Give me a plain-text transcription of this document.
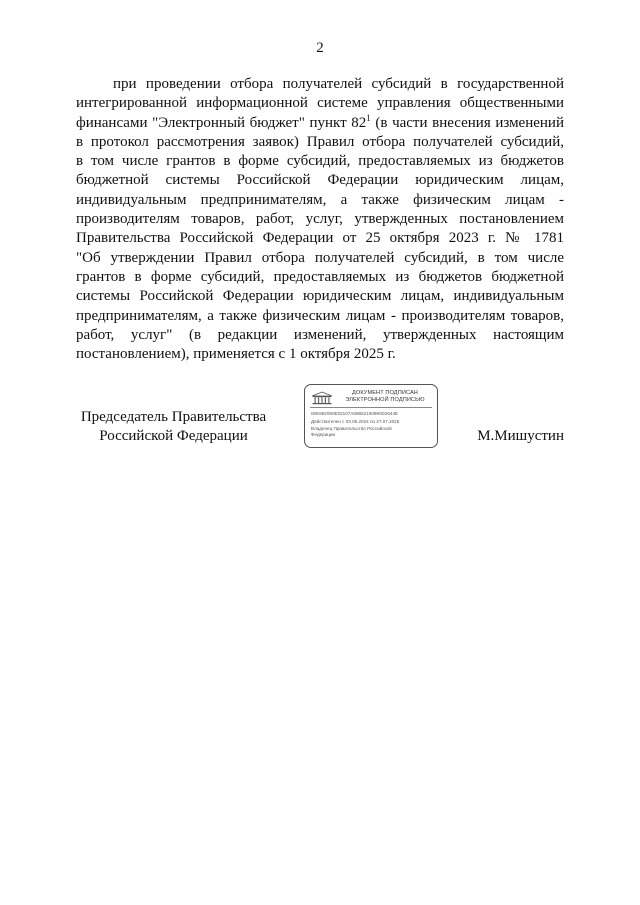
2
при проведении отбора получателей субсидий в государственной
интегрированной информационной системе управления общественными
финансами "Электронный бюджет" пункт $82^1$ (в части внесения изменений
в протокол рассмотрения заявок) Правил отбора получателей субсидий,
в том числе грантов в форме субсидий, предоставляемых из бюджетов
бюджетной системы Российской Федерации юридическим лицам,
индивидуальным предпринимателям, а также физическим лицам -
производителям товаров, работ, услуг, утвержденных постановлением
Правительства Российской Федерации от 25 октября 2023 г. № 1781
"Об утверждении Правил отбора получателей субсидий, в том числе
грантов в форме субсидий, предоставляемых из бюджетов бюджетной
системы Российской Федерации юридическим лицам, индивидуальным
предпринимателям, а также физическим лицам - производителям товаров,
работ, услуг" (в редакции изменений, утвержденных настоящим
постановлением), применяется с 1 октября 2025 г.
Председатель Правительства
Российской Федерации	М.Мишустин
ДОКУМЕНТ ПОДПИСАН
ЭЛЕКТРОННОЙ ПОДПИСЬЮ
00E962080E02107A08862100990D2644E
Действителен с 03.05.2024 по 27.07.2025
Владелец Правительство Российской
Федерации
